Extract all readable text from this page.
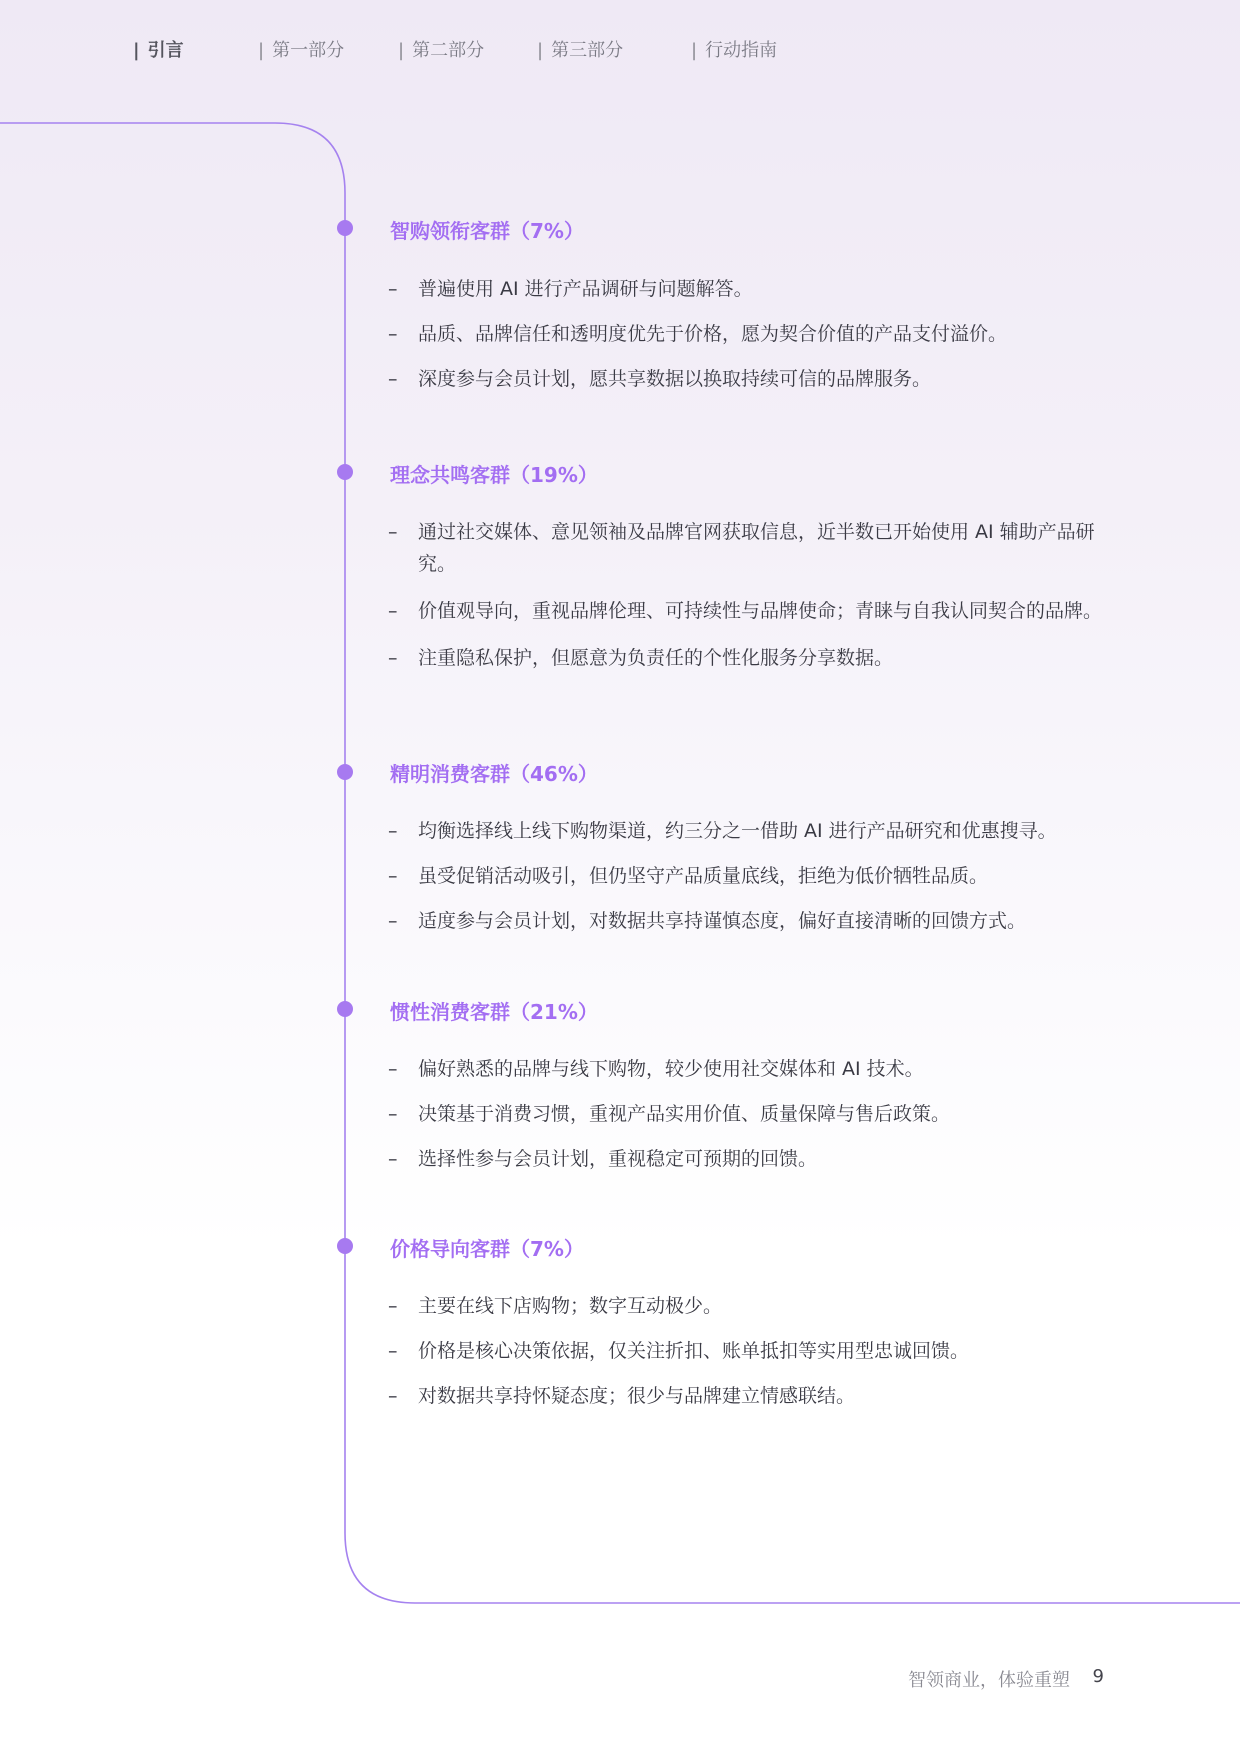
| 引言	| 第一部分	| 第二部分	| 第三部分	| 行动指南
智购领衔客群（7%）
– 普遍使用 AI 进行产品调研与问题解答。
– 品质、品牌信任和透明度优先于价格，愿为契合价值的产品支付溢价。
– 深度参与会员计划，愿共享数据以换取持续可信的品牌服务。
理念共鸣客群（19%）
– 通过社交媒体、意见领袖及品牌官网获取信息，近半数已开始使用 AI 辅助产品研究。
– 价值观导向，重视品牌伦理、可持续性与品牌使命；青睐与自我认同契合的品牌。
– 注重隐私保护，但愿意为负责任的个性化服务分享数据。
精明消费客群（46%）
– 均衡选择线上线下购物渠道，约三分之一借助 AI 进行产品研究和优惠搜寻。
– 虽受促销活动吸引，但仍坚守产品质量底线，拒绝为低价牺牲品质。
– 适度参与会员计划，对数据共享持谨慎态度，偏好直接清晰的回馈方式。
惯性消费客群（21%）
– 偏好熟悉的品牌与线下购物，较少使用社交媒体和 AI 技术。
– 决策基于消费习惯，重视产品实用价值、质量保障与售后政策。
– 选择性参与会员计划，重视稳定可预期的回馈。
价格导向客群（7%）
– 主要在线下店购物；数字互动极少。
– 价格是核心决策依据，仅关注折扣、账单抵扣等实用型忠诚回馈。
– 对数据共享持怀疑态度；很少与品牌建立情感联结。
智领商业，体验重塑 9
